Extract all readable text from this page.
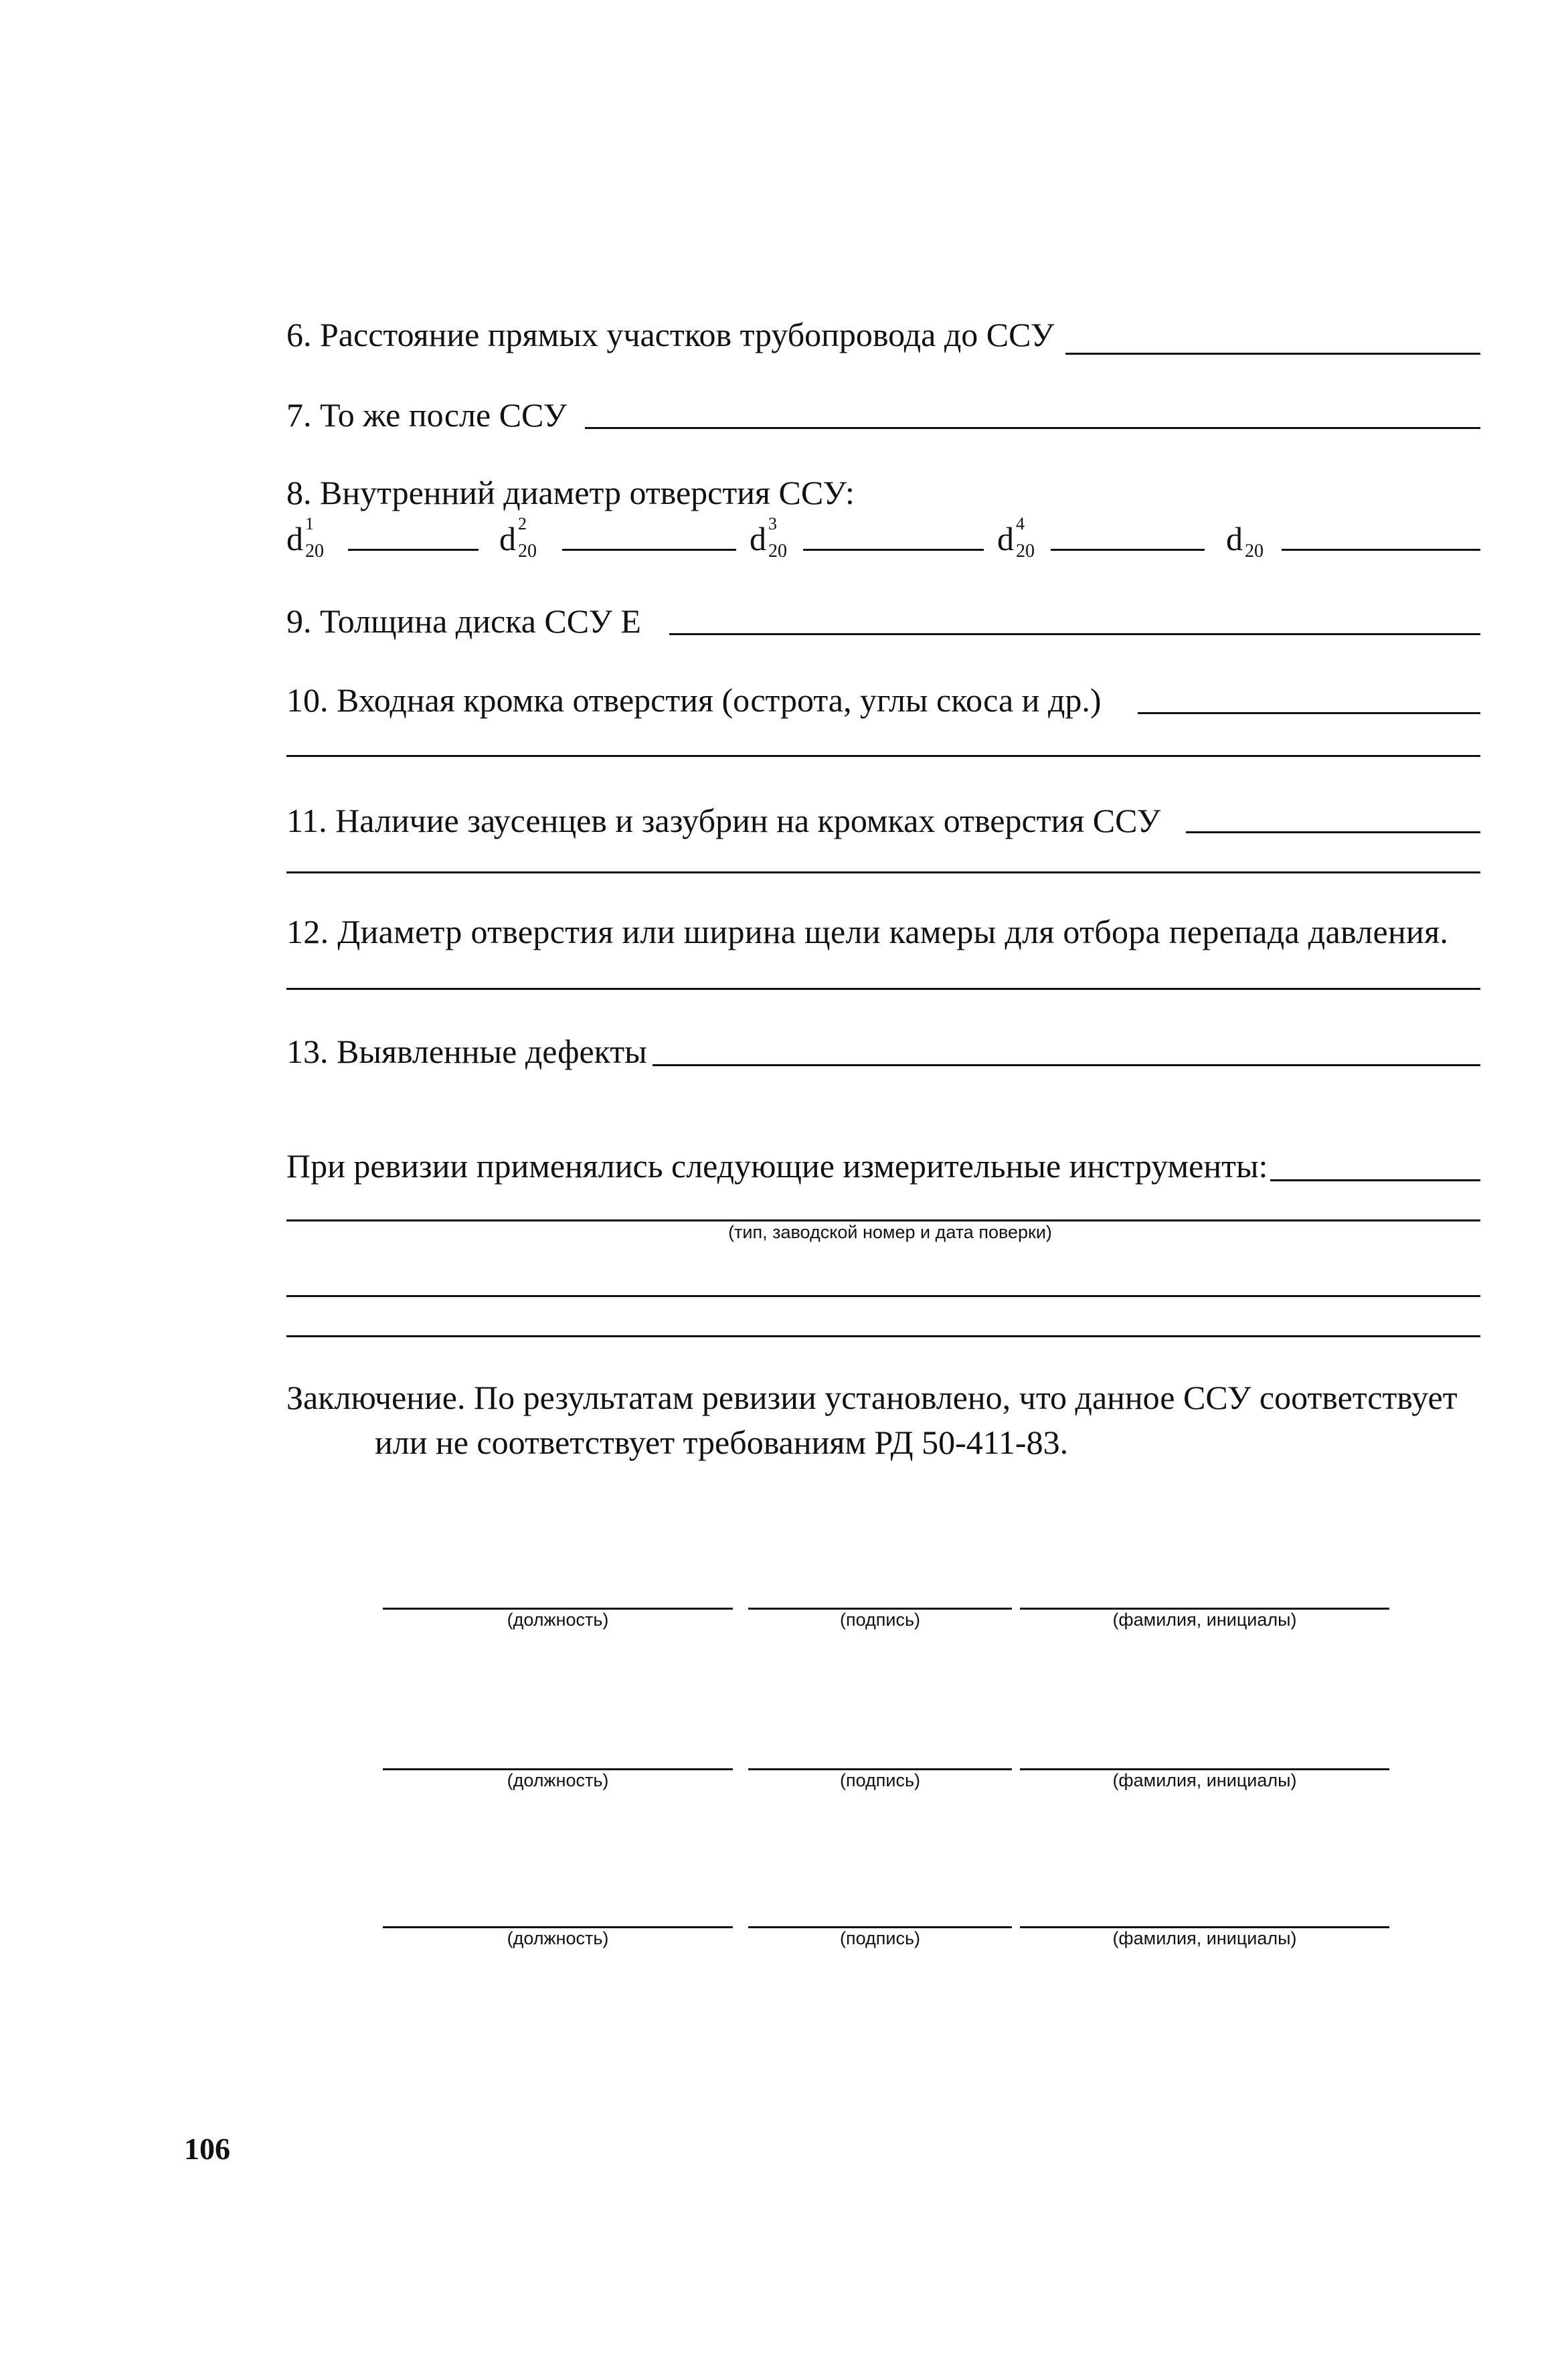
6. Расстояние прямых участков трубопровода до ССУ
7. То же после ССУ
8. Внутренний диаметр отверстия ССУ:
d 1
20	d 2
20	d 3
20	d 4
20	d 20
9. Толщина диска ССУ Е
10. Входная кромка отверстия (острота, углы скоса и др.)
11. Наличие заусенцев и зазубрин на кромках отверстия ССУ
12. Диаметр отверстия или ширина щели камеры для отбора перепада давления.
13. Выявленные дефекты
При ревизии применялись следующие измерительные инструменты:
(тип, заводской номер и дата поверки)
Заключение. По результатам ревизии установлено, что данное ССУ соответствует
или не соответствует требованиям РД 50-411-83.
(должность)	(подпись)	(фамилия, инициалы)
(должность)	(подпись)	(фамилия, инициалы)
(должность)	(подпись)	(фамилия, инициалы)
106
